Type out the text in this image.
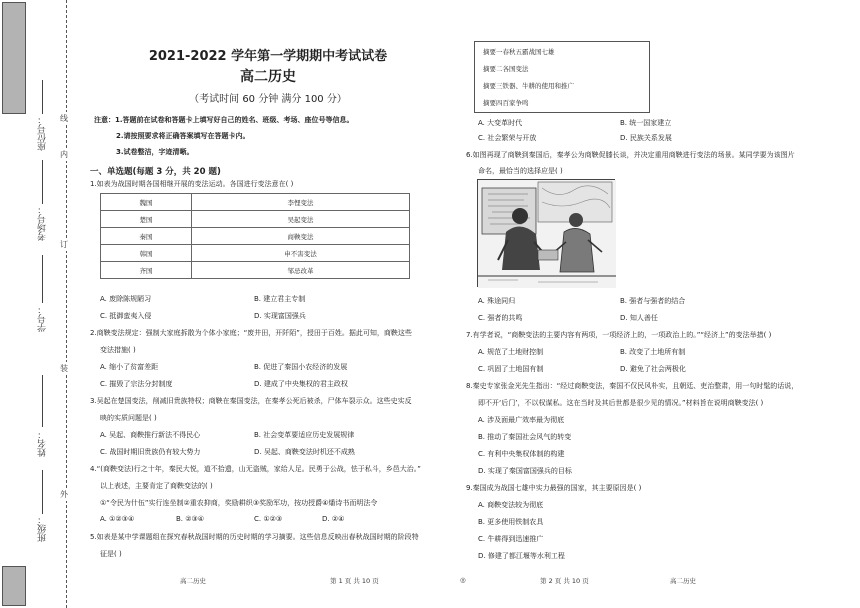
座位号：
考场号：
学号：
姓名：
班级：
线
内
订
装
外
2021-2022 学年第一学期期中考试试卷
高二历史
（考试时间 60 分钟 满分 100 分）
注意：1.答题前在试卷和答题卡上填写好自己的姓名、班级、考场、座位号等信息。
2.请按照要求将正确答案填写在答题卡内。
3.试卷整洁，字迹清晰。
一、单选题(每题 3 分，共 20 题)
1.如表为战国时期各国相继开展的变法运动。各国进行变法意在( )
魏国	李悝变法
楚国	吴起变法
秦国	商鞅变法
韩国	申不害变法
齐国	邹忌改革
A. 废除陈规陋习	B. 建立君主专制
C. 抵御蛮夷入侵	D. 实现富国强兵
2.商鞅变法规定：强制大家庭拆散为个体小家庭；“废井田，开阡陌”，授田于百姓。据此可知，商鞅这些
变法措施( )
A. 缩小了贫富差距	B. 促进了秦国小农经济的发展
C. 摧毁了宗法分封制度	D. 建成了中央集权的君主政权
3.吴起在楚国变法，削减旧贵族特权；商鞅在秦国变法，在秦孝公死后被杀，尸体车裂示众。这些史实反
映的实质问题是( )
A. 吴起、商鞅推行新法不得民心	B. 社会变革要适应历史发展规律
C. 战国时期旧贵族仍有较大势力	D. 吴起、商鞅变法时机还不成熟
4.“(商鞅变法)行之十年，秦民大悦，道不拾遗，山无盗贼，家给人足。民勇于公战，怯于私斗，乡邑大治。”
以上表述，主要肯定了商鞅变法的( )
①“令民为什伍”实行连坐制②重农抑商，奖励耕织③奖励军功，按功授爵④燔诗书而明法令
A. ①②③④	B. ②③④	C. ①②③	D. ②④
5.如表是某中学课题组在探究春秋战国时期的历史时期的学习摘要。这些信息反映出春秋战国时期的阶段特
征是( )
摘要一春秋五霸战国七雄
摘要二各国变法
摘要三铁器、牛耕的使用和推广
摘要四百家争鸣
A. 大变革时代	B. 统一国家建立
C. 社会繁荣与开放	D. 民族关系发展
6.如图再现了商鞅到秦国后，秦孝公为商鞅促膝长谈，并决定重用商鞅进行变法的场景。某同学要为该图片
命名，最恰当的选择应是( )
A. 殊途同归	B. 强者与强者的结合
C. 强者的共鸣	D. 知人善任
7.有学者说，“商鞅变法的主要内容有两项，一项经济上的，一项政治上的。”“经济上”的变法举措( )
A. 规范了土地财控制	B. 改变了土地所有制
C. 巩固了土地国有制	D. 避免了社会两极化
8.秦史专家张金光先生指出：“经过商鞅变法，秦国不仅民风朴实，且朝廷、吏治整肃，用一句时髦的话说，
即不开‘后门’，不以权谋私。这在当时及其后世都是很少见的情况。”材料旨在说明商鞅变法( )
A. 涉及面最广效率最为彻底
B. 推动了秦国社会风气的转变
C. 有利中央集权体制的构建
D. 实现了秦国富国强兵的目标
9.秦国成为战国七雄中实力最强的国家，其主要原因是( )
A. 商鞅变法较为彻底
B. 更多使用铁制农具
C. 牛耕得到迅速推广
D. 修建了都江堰等水利工程
高二历史	第 1 页 共 10 页	◎	第 2 页 共 10 页	高二历史
